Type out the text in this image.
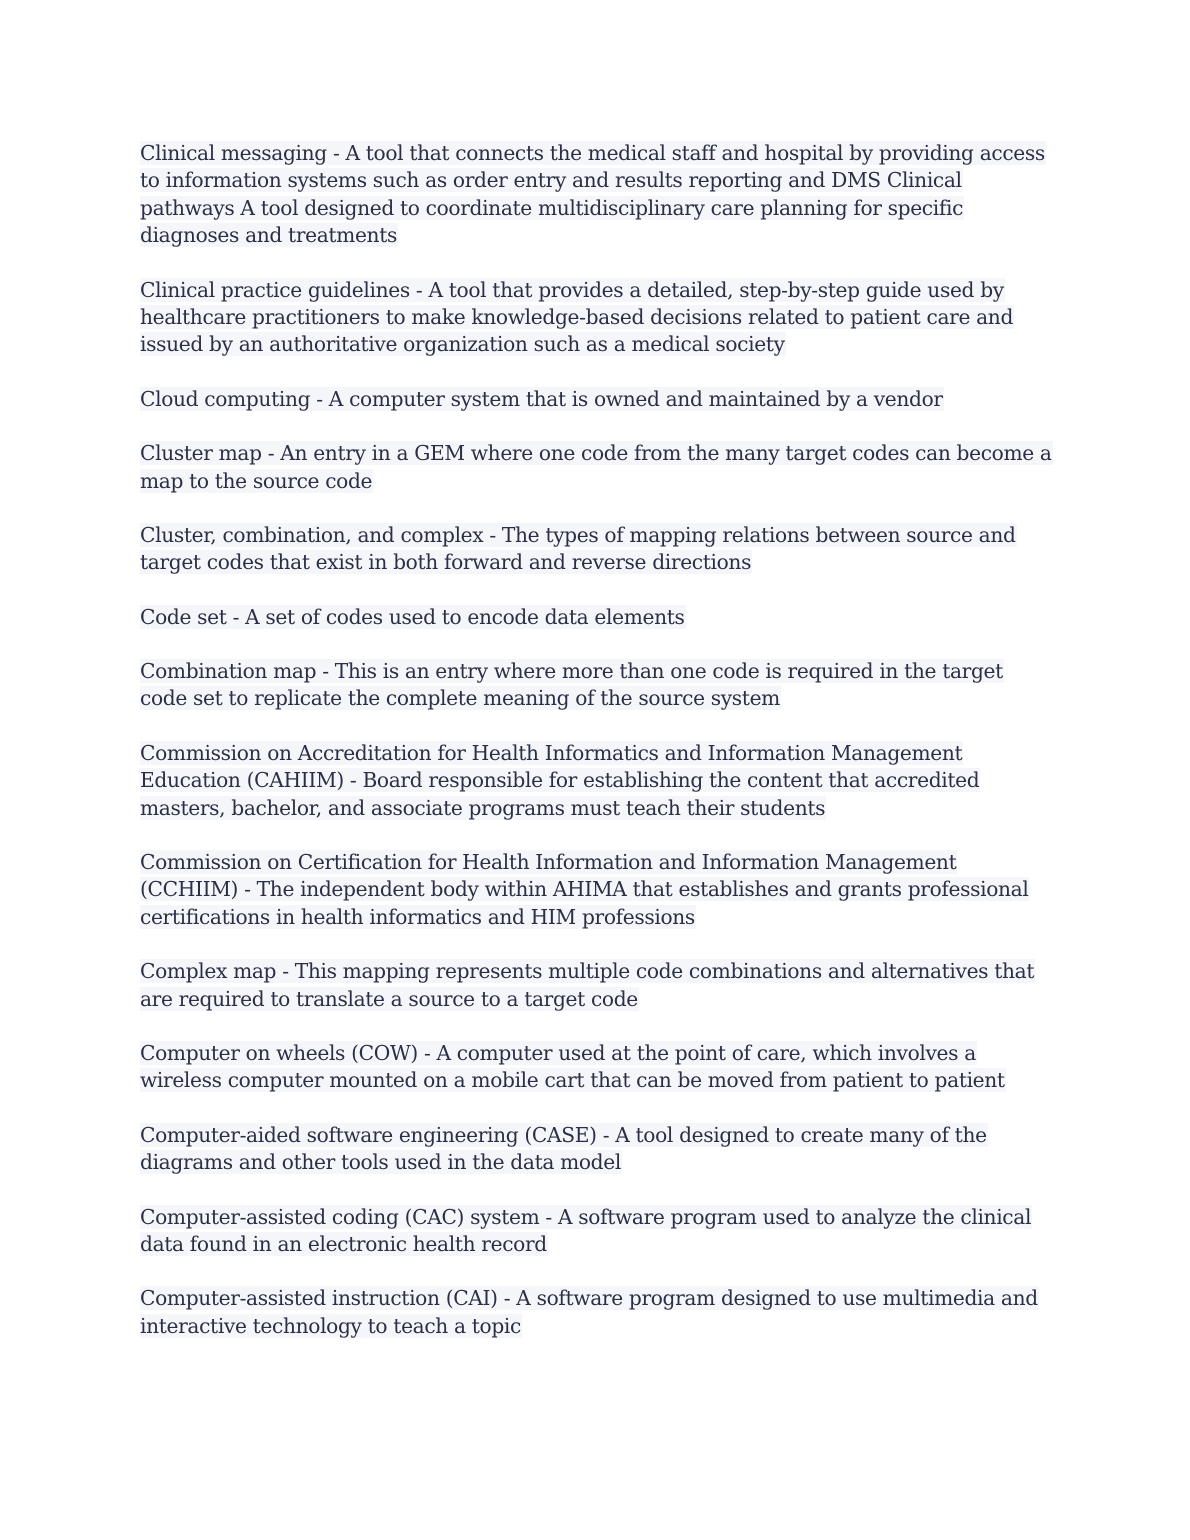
Clinical messaging - A tool that connects the medical staff and hospital by providing access
to information systems such as order entry and results reporting and DMS Clinical
pathways A tool designed to coordinate multidisciplinary care planning for specific
diagnoses and treatments
Clinical practice guidelines - A tool that provides a detailed, step-by-step guide used by
healthcare practitioners to make knowledge-based decisions related to patient care and
issued by an authoritative organization such as a medical society
Cloud computing - A computer system that is owned and maintained by a vendor
Cluster map - An entry in a GEM where one code from the many target codes can become a
map to the source code
Cluster, combination, and complex - The types of mapping relations between source and
target codes that exist in both forward and reverse directions
Code set - A set of codes used to encode data elements
Combination map - This is an entry where more than one code is required in the target
code set to replicate the complete meaning of the source system
Commission on Accreditation for Health Informatics and Information Management
Education (CAHIIM) - Board responsible for establishing the content that accredited
masters, bachelor, and associate programs must teach their students
Commission on Certification for Health Information and Information Management
(CCHIIM) - The independent body within AHIMA that establishes and grants professional
certifications in health informatics and HIM professions
Complex map - This mapping represents multiple code combinations and alternatives that
are required to translate a source to a target code
Computer on wheels (COW) - A computer used at the point of care, which involves a
wireless computer mounted on a mobile cart that can be moved from patient to patient
Computer-aided software engineering (CASE) - A tool designed to create many of the
diagrams and other tools used in the data model
Computer-assisted coding (CAC) system - A software program used to analyze the clinical
data found in an electronic health record
Computer-assisted instruction (CAI) - A software program designed to use multimedia and
interactive technology to teach a topic
